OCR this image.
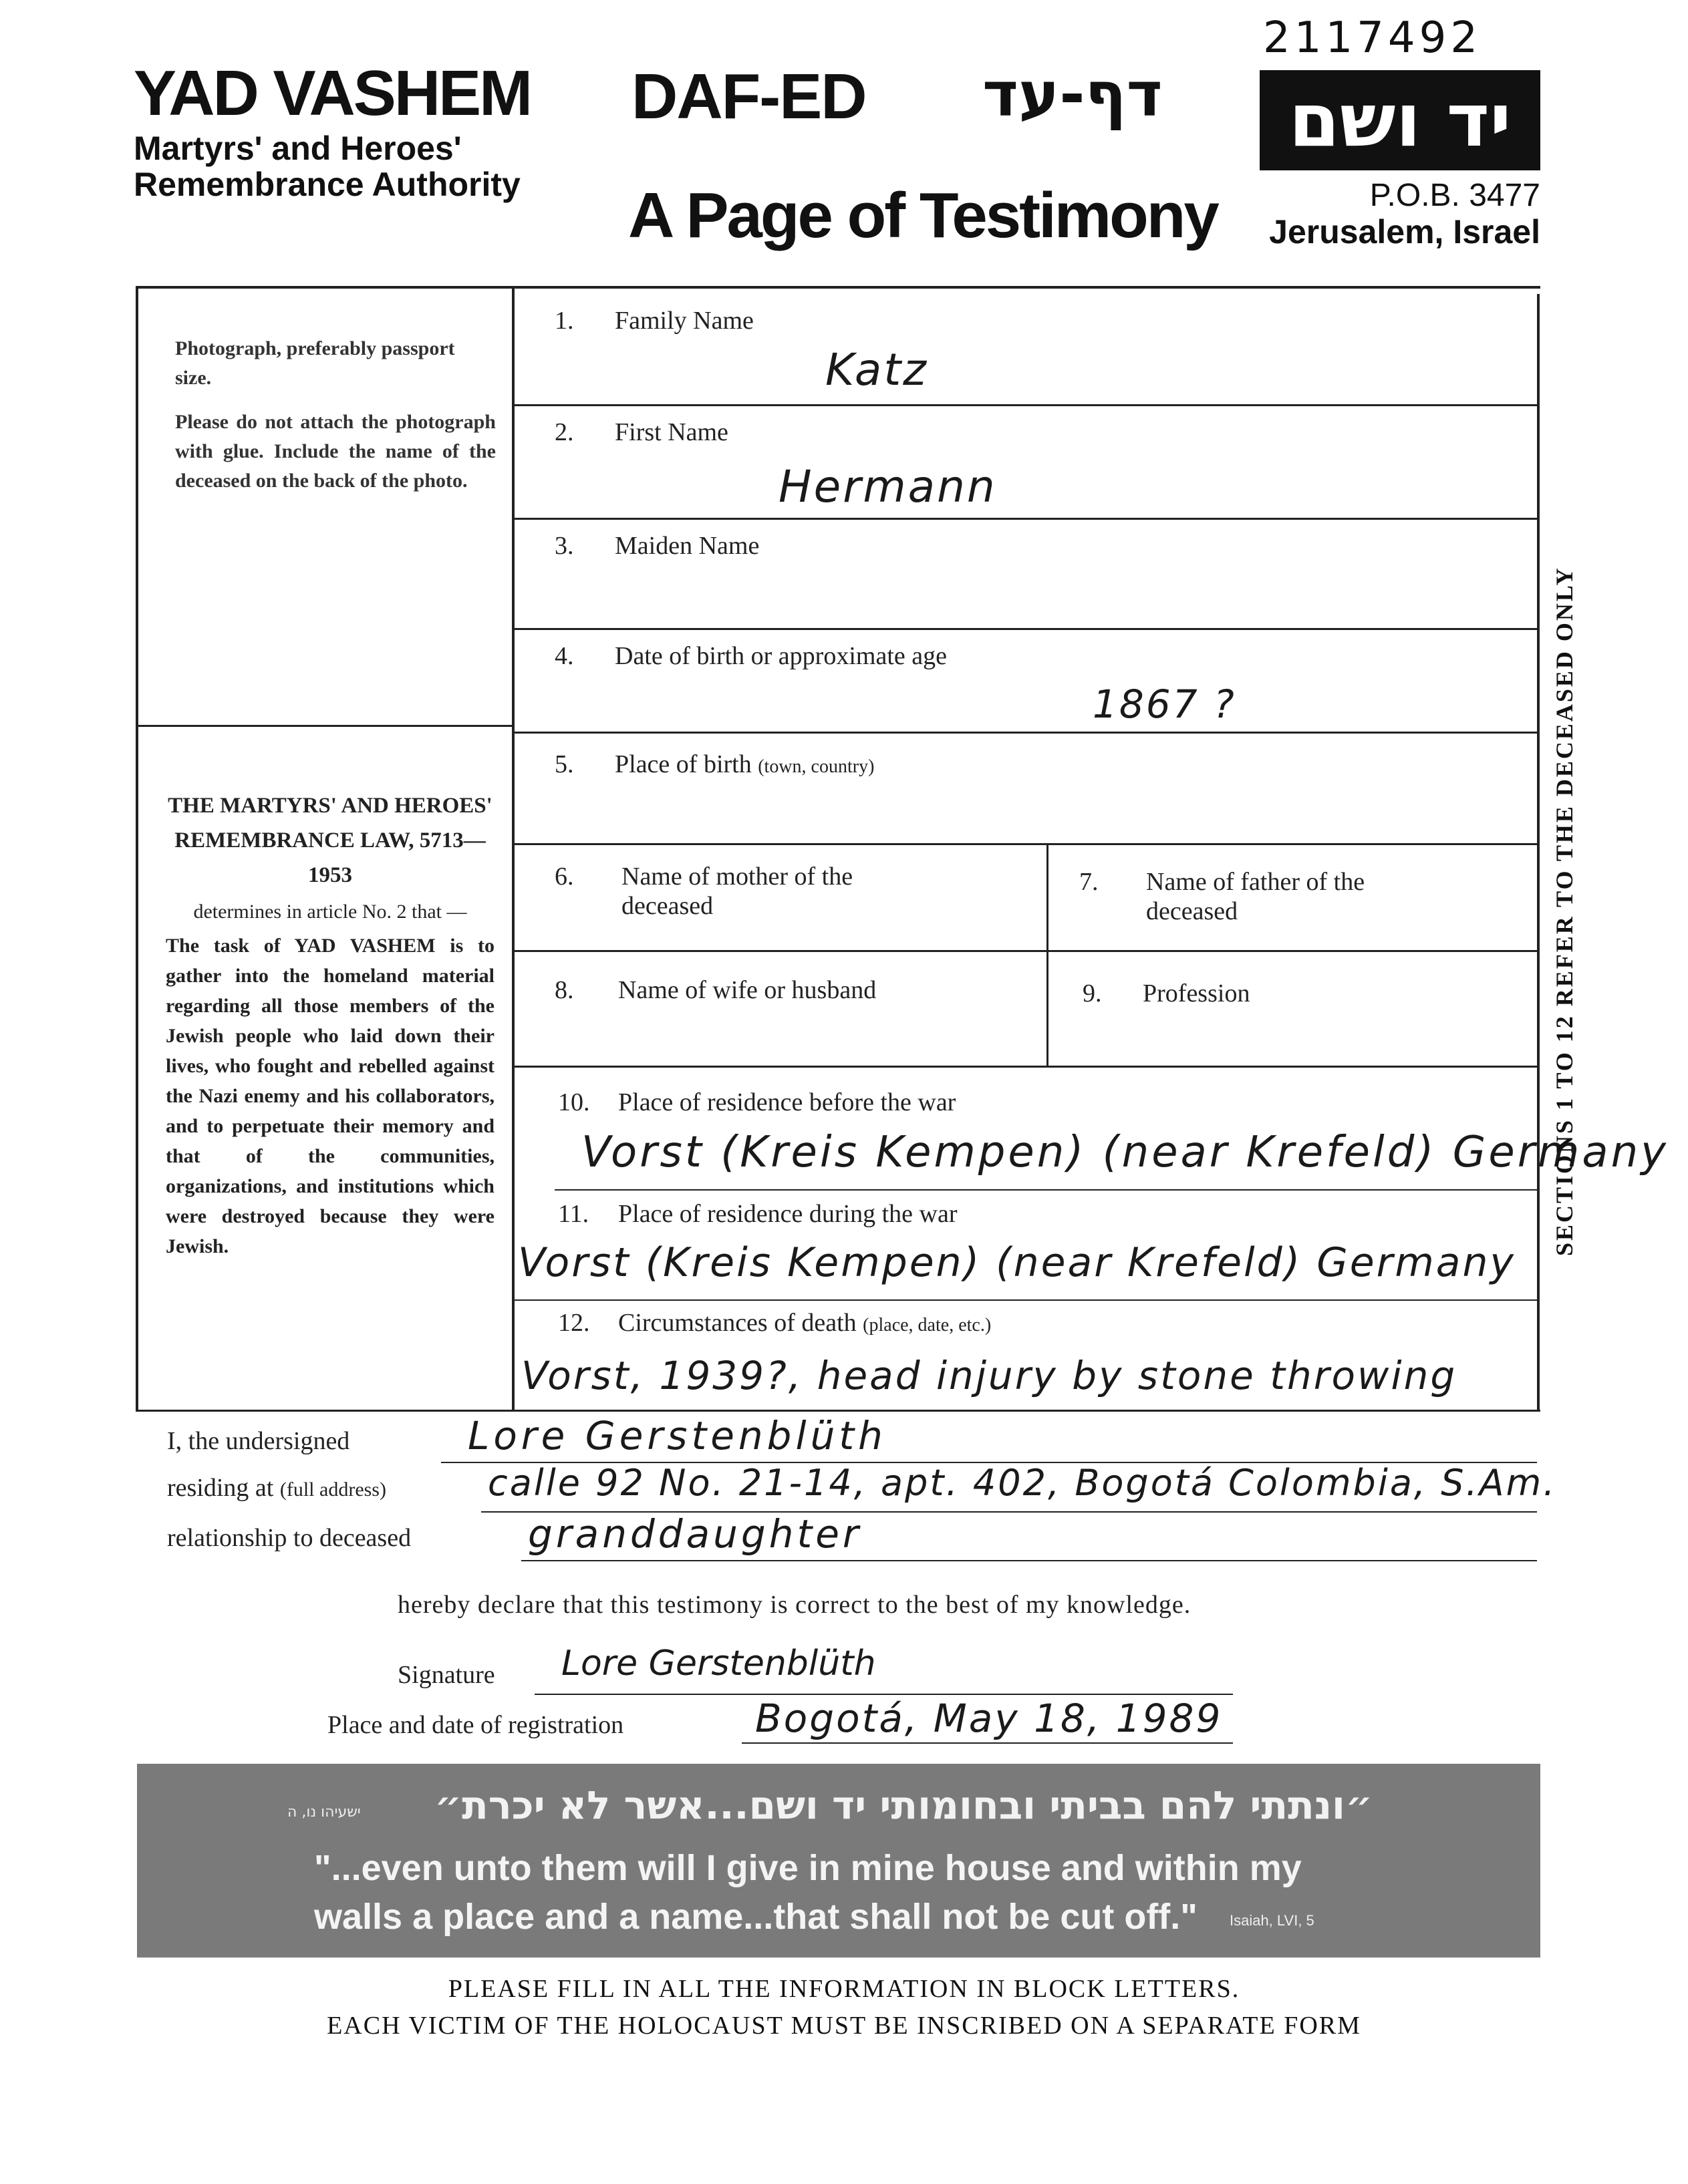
2117492
YAD VASHEM
Martyrs' and Heroes' Remembrance Authority
DAF-ED דף-עד
A Page of Testimony
יד ושם
P.O.B. 3477
Jerusalem, Israel

Photograph, preferably passport size.

Please do not attach the photograph with glue. Include the name of the deceased on the back of the photo.

THE MARTYRS' AND HEROES' REMEMBRANCE LAW, 5713—1953
determines in article No. 2 that —
The task of YAD VASHEM is to gather into the homeland material regarding all those members of the Jewish people who laid down their lives, who fought and rebelled against the Nazi enemy and his collaborators, and to perpetuate their memory and that of the communities, organizations, and institutions which were destroyed because they were Jewish.
1. Family Name
Katz
2. First Name
Hermann
3. Maiden Name
4. Date of birth or approximate age
1867 ?
5. Place of birth (town, country)
6. Name of mother of the deceased
7. Name of father of the deceased
8. Name of wife or husband	9. Profession
10. Place of residence before the war
Vorst (Kreis Kempen) (near Krefeld) Germany
11. Place of residence during the war
Vorst (Kreis Kempen) (near Krefeld) Germany
12. Circumstances of death (place, date, etc.)
Vorst, 1939?, head injury by stone throwing
SECTIONS 1 TO 12 REFER TO THE DECEASED ONLY
I, the undersigned	Lore Gerstenblüth
residing at (full address)	calle 92 No. 21-14, apt. 402, Bogotá Colombia, S.Am.
relationship to deceased	granddaughter
hereby declare that this testimony is correct to the best of my knowledge.
Signature Lore Gerstenblüth
Place and date of registration	Bogotá, May 18, 1989
ישעיהו נו, ה ״ונתתי להם בביתי ובחומותי יד ושם...אשר לא יכרת״
"...even unto them will I give in mine house and within my
walls a place and a name...that shall not be cut off." Isaiah, LVI, 5
PLEASE FILL IN ALL THE INFORMATION IN BLOCK LETTERS.
EACH VICTIM OF THE HOLOCAUST MUST BE INSCRIBED ON A SEPARATE FORM
